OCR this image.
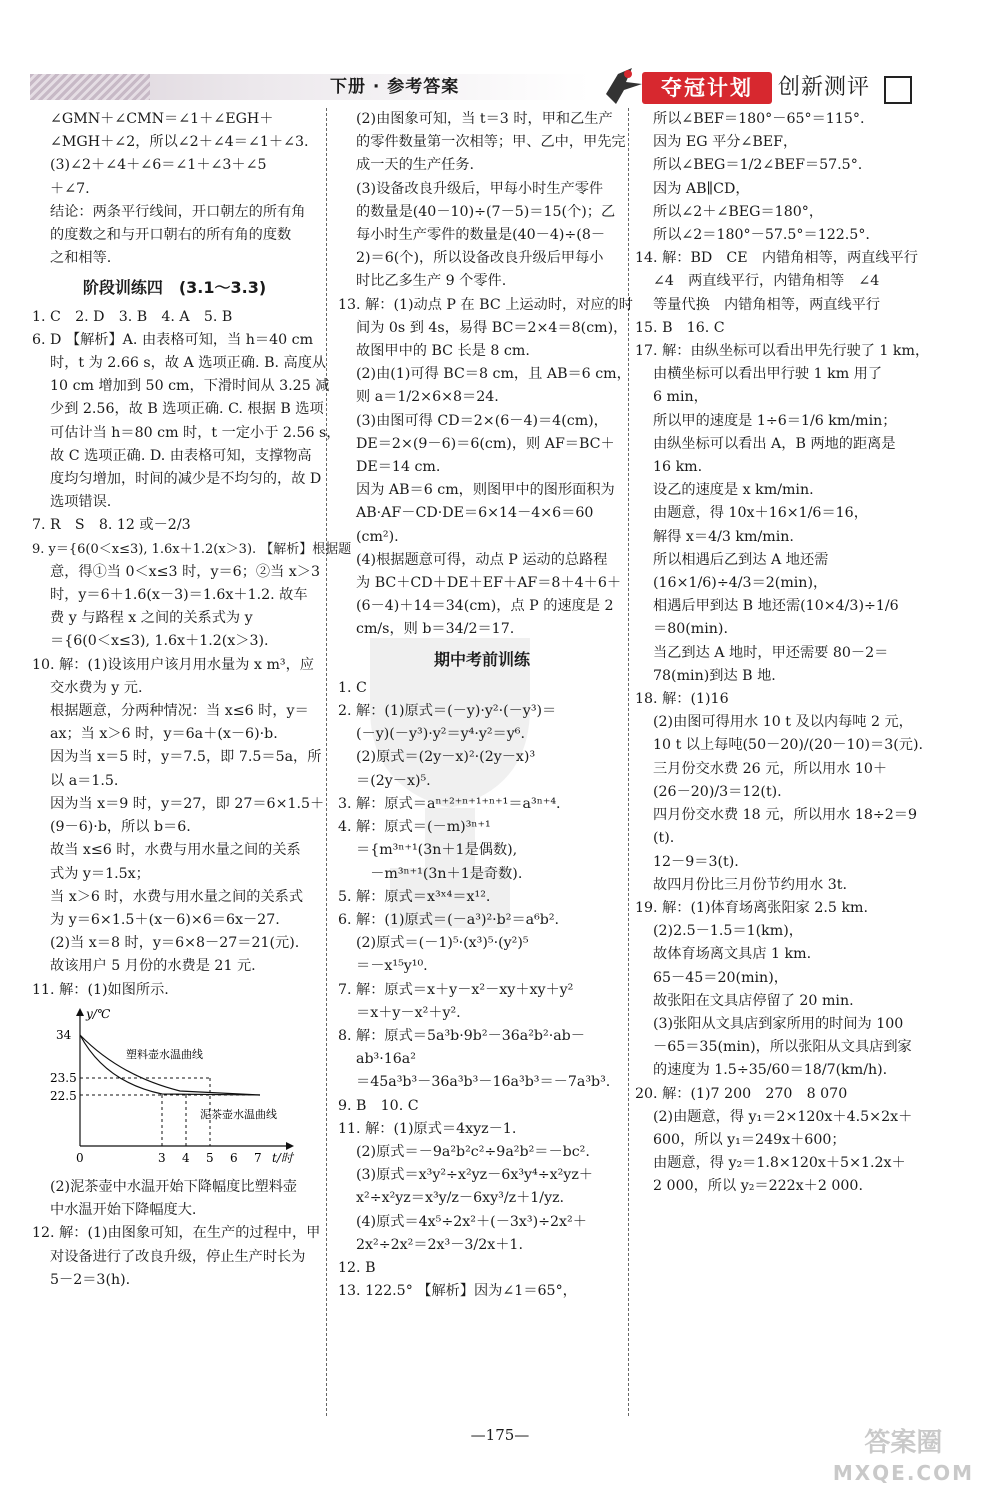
下册 · 参考答案	夺冠计划	创新测评
∠GMN＋∠CMN＝∠1＋∠EGH＋
∠MGH＋∠2，所以∠2＋∠4＝∠1＋∠3.
(3)∠2＋∠4＋∠6＝∠1＋∠3＋∠5
＋∠7.
结论：两条平行线间，开口朝左的所有角
的度数之和与开口朝右的所有角的度数
之和相等.
阶段训练四　(3.1～3.3)
1. C　2. D　3. B　4. A　5. B
6. D 【解析】A. 由表格可知，当 h＝40 cm
时，t 为 2.66 s，故 A 选项正确. B. 高度从
10 cm 增加到 50 cm，下滑时间从 3.25 减
少到 2.56，故 B 选项正确. C. 根据 B 选项
可估计当 h＝80 cm 时，t 一定小于 2.56 s，
故 C 选项正确. D. 由表格可知，支撑物高
度均匀增加，时间的减少是不均匀的，故 D
选项错误.
7. R　S　8. 12 或－2/3
9. y＝{6(0＜x≤3), 1.6x＋1.2(x＞3). 【解析】根据题
意，得①当 0＜x≤3 时，y＝6；②当 x＞3
时，y＝6＋1.6(x－3)＝1.6x＋1.2. 故车
费 y 与路程 x 之间的关系式为 y
＝{6(0＜x≤3), 1.6x＋1.2(x＞3).
10. 解：(1)设该用户该月用水量为 x m³，应
交水费为 y 元.
根据题意，分两种情况：当 x≤6 时，y＝
ax；当 x＞6 时，y＝6a＋(x－6)·b.
因为当 x＝5 时，y＝7.5，即 7.5＝5a，所
以 a＝1.5.
因为当 x＝9 时，y＝27，即 27＝6×1.5＋
(9－6)·b，所以 b＝6.
故当 x≤6 时，水费与用水量之间的关系
式为 y＝1.5x；
当 x＞6 时，水费与用水量之间的关系式
为 y＝6×1.5＋(x－6)×6＝6x－27.
(2)当 x＝8 时，y＝6×8－27＝21(元).
故该用户 5 月份的水费是 21 元.
11. 解：(1)如图所示.
y/℃
t/时
34
23.5
22.5
0	3 4 5 6 7
塑料壶水温曲线
泥茶壶水温曲线
(2)泥茶壶中水温开始下降幅度比塑料壶
中水温开始下降幅度大.
12. 解：(1)由图象可知，在生产的过程中，甲
对设备进行了改良升级，停止生产时长为
5－2＝3(h).
(2)由图象可知，当 t＝3 时，甲和乙生产
的零件数量第一次相等；甲、乙中，甲先完
成一天的生产任务.
(3)设备改良升级后，甲每小时生产零件
的数量是(40－10)÷(7－5)＝15(个)；乙
每小时生产零件的数量是(40－4)÷(8－
2)＝6(个)，所以设备改良升级后甲每小
时比乙多生产 9 个零件.
13. 解：(1)动点 P 在 BC 上运动时，对应的时
间为 0s 到 4s，易得 BC＝2×4＝8(cm)，
故图甲中的 BC 长是 8 cm.
(2)由(1)可得 BC＝8 cm，且 AB＝6 cm，
则 a＝1/2×6×8＝24.
(3)由图可得 CD＝2×(6－4)＝4(cm)，
DE＝2×(9－6)＝6(cm)，则 AF＝BC＋
DE＝14 cm.
因为 AB＝6 cm，则图甲中的图形面积为
AB·AF－CD·DE＝6×14－4×6＝60
(cm²).
(4)根据题意可得，动点 P 运动的总路程
为 BC＋CD＋DE＋EF＋AF＝8＋4＋6＋
(6－4)＋14＝34(cm)，点 P 的速度是 2
cm/s，则 b＝34/2＝17.
期中考前训练
1. C
2. 解：(1)原式＝(－y)·y²·(－y³)＝
(－y)(－y³)·y²＝y⁴·y²＝y⁶.
(2)原式＝(2y－x)²·(2y－x)³
＝(2y－x)⁵.
3. 解：原式＝aⁿ⁺²⁺ⁿ⁺¹⁺ⁿ⁺¹＝a³ⁿ⁺⁴.
4. 解：原式＝(－m)³ⁿ⁺¹
＝{m³ⁿ⁺¹(3n＋1是偶数),
　－m³ⁿ⁺¹(3n＋1是奇数).
5. 解：原式＝x³ˣ⁴＝x¹².
6. 解：(1)原式＝(－a³)²·b²＝a⁶b².
(2)原式＝(－1)⁵·(x³)⁵·(y²)⁵
＝－x¹⁵y¹⁰.
7. 解：原式＝x＋y－x²－xy＋xy＋y²
＝x＋y－x²＋y².
8. 解：原式＝5a³b·9b²－36a²b²·ab－
ab³·16a²
＝45a³b³－36a³b³－16a³b³＝－7a³b³.
9. B　10. C
11. 解：(1)原式＝4xyz－1.
(2)原式＝－9a²b²c²÷9a²b²＝－bc².
(3)原式＝x³y²÷x²yz－6x³y⁴÷x²yz＋
x²÷x²yz＝x³y/z－6xy³/z＋1/yz.
(4)原式＝4x⁵÷2x²＋(－3x³)÷2x²＋
2x²÷2x²＝2x³－3/2x＋1.
12. B
13. 122.5° 【解析】因为∠1＝65°，
所以∠BEF＝180°－65°＝115°.
因为 EG 平分∠BEF，
所以∠BEG＝1/2∠BEF＝57.5°.
因为 AB∥CD，
所以∠2＋∠BEG＝180°，
所以∠2＝180°－57.5°＝122.5°.
14. 解：BD　CE　内错角相等，两直线平行
∠4　两直线平行，内错角相等　∠4
等量代换　内错角相等，两直线平行
15. B　16. C
17. 解：由纵坐标可以看出甲先行驶了 1 km，
由横坐标可以看出甲行驶 1 km 用了
6 min，
所以甲的速度是 1÷6＝1/6 km/min；
由纵坐标可以看出 A，B 两地的距离是
16 km.
设乙的速度是 x km/min.
由题意，得 10x＋16×1/6＝16，
解得 x＝4/3 km/min.
所以相遇后乙到达 A 地还需
(16×1/6)÷4/3＝2(min)，
相遇后甲到达 B 地还需(10×4/3)÷1/6
＝80(min).
当乙到达 A 地时，甲还需要 80－2＝
78(min)到达 B 地.
18. 解：(1)16
(2)由图可得用水 10 t 及以内每吨 2 元，
10 t 以上每吨(50－20)/(20－10)＝3(元).
三月份交水费 26 元，所以用水 10＋
(26－20)/3＝12(t).
四月份交水费 18 元，所以用水 18÷2＝9
(t).
12－9＝3(t).
故四月份比三月份节约用水 3t.
19. 解：(1)体育场离张阳家 2.5 km.
(2)2.5－1.5＝1(km)，
故体育场离文具店 1 km.
65－45＝20(min)，
故张阳在文具店停留了 20 min.
(3)张阳从文具店到家所用的时间为 100
－65＝35(min)，所以张阳从文具店到家
的速度为 1.5÷35/60＝18/7(km/h).
20. 解：(1)7 200　270　8 070
(2)由题意，得 y₁＝2×120x＋4.5×2x＋
600，所以 y₁＝249x＋600；
由题意，得 y₂＝1.8×120x＋5×1.2x＋
2 000，所以 y₂＝222x＋2 000.
—175—	答案圈
MXQE.COM
